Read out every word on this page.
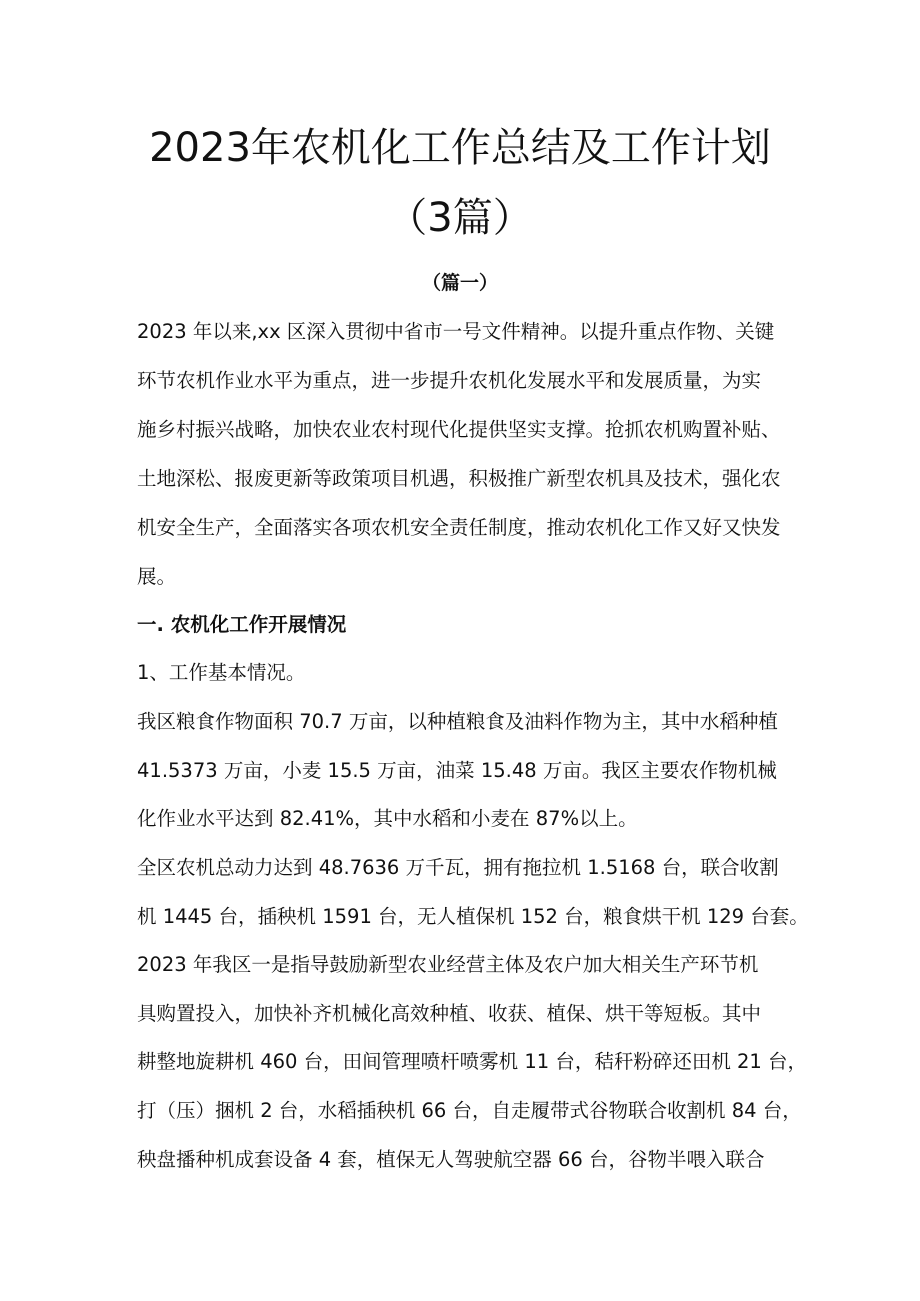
2023年农机化工作总结及工作计划
（3篇）

（篇一）

2023 年以来,xx 区深入贯彻中省市一号文件精神。以提升重点作物、关键

环节农机作业水平为重点，进一步提升农机化发展水平和发展质量，为实

施乡村振兴战略，加快农业农村现代化提供坚实支撑。抢抓农机购置补贴、

土地深松、报废更新等政策项目机遇，积极推广新型农机具及技术，强化农

机安全生产，全面落实各项农机安全责任制度，推动农机化工作又好又快发

展。

一. 农机化工作开展情况

1、工作基本情况。

我区粮食作物面积 70.7 万亩，以种植粮食及油料作物为主，其中水稻种植

41.5373 万亩，小麦 15.5 万亩，油菜 15.48 万亩。我区主要农作物机械

化作业水平达到 82.41%，其中水稻和小麦在 87%以上。

全区农机总动力达到 48.7636 万千瓦，拥有拖拉机 1.5168 台，联合收割

机 1445 台，插秧机 1591 台，无人植保机 152 台，粮食烘干机 129 台套。

2023 年我区一是指导鼓励新型农业经营主体及农户加大相关生产环节机

具购置投入，加快补齐机械化高效种植、收获、植保、烘干等短板。其中

耕整地旋耕机 460 台，田间管理喷杆喷雾机 11 台，秸秆粉碎还田机 21 台，

打（压）捆机 2 台，水稻插秧机 66 台，自走履带式谷物联合收割机 84 台，

秧盘播种机成套设备 4 套，植保无人驾驶航空器 66 台，谷物半喂入联合
